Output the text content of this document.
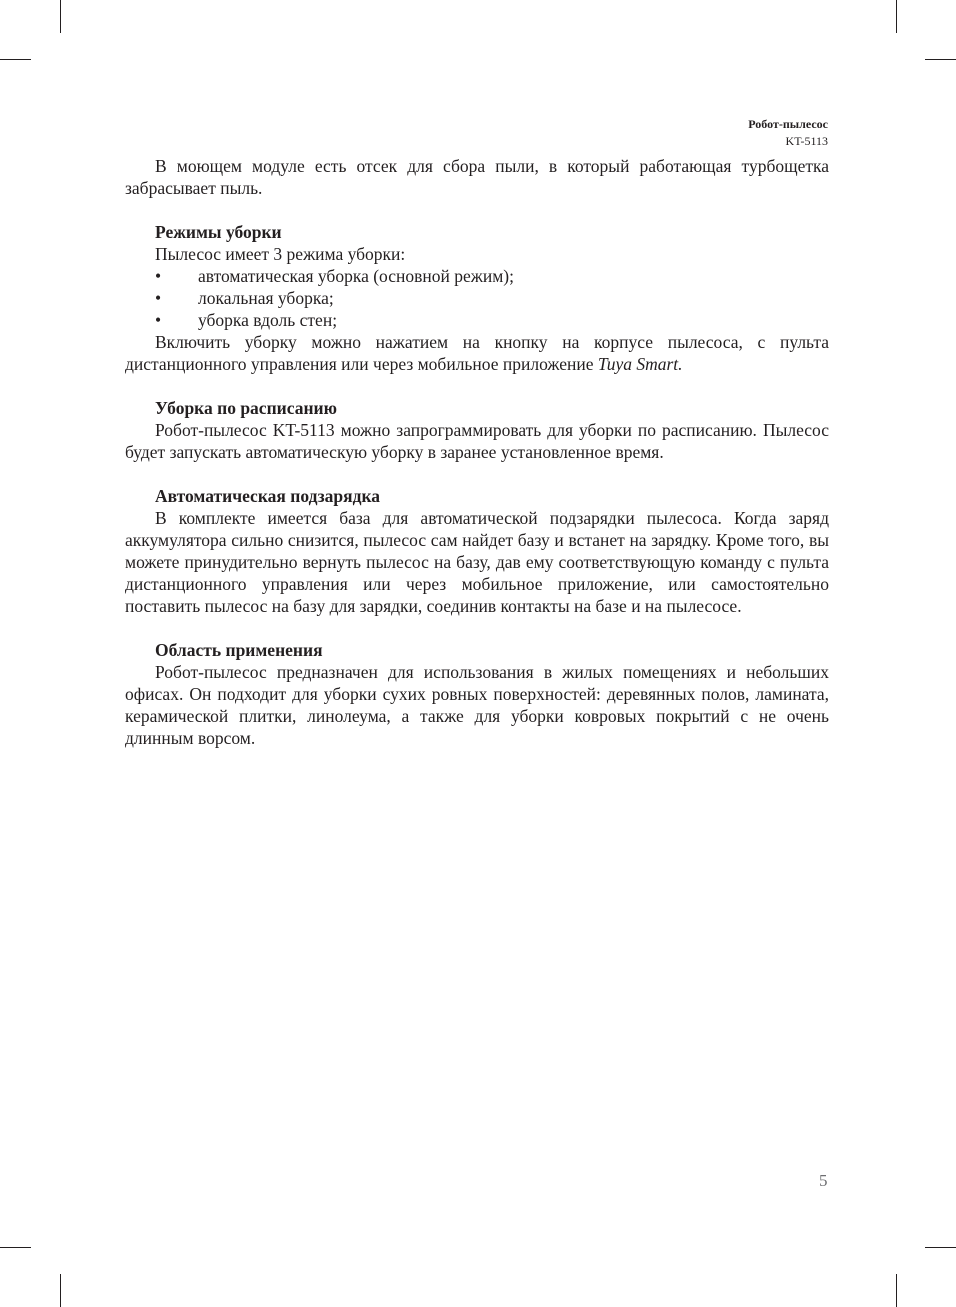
Робот-пылесос
KT-5113

В моющем модуле есть отсек для сбора пыли, в который работающая турбощетка забрасывает пыль.

Режимы уборки

Пылесос имеет 3 режима уборки:

• автоматическая уборка (основной режим);
• локальная уборка;
• уборка вдоль стен;

Включить уборку можно нажатием на кнопку на корпусе пылесоса, с пульта дистанционного управления или через мобильное приложение Tuya Smart.

Уборка по расписанию

Робот-пылесос KT-5113 можно запрограммировать для уборки по расписанию. Пылесос будет запускать автоматическую уборку в заранее установленное время.

Автоматическая подзарядка

В комплекте имеется база для автоматической подзарядки пылесоса. Когда заряд аккумулятора сильно снизится, пылесос сам найдет базу и встанет на зарядку. Кроме того, вы можете принудительно вернуть пылесос на базу, дав ему соответствующую команду с пульта дистанционного управления или через мобильное приложение, или самостоятельно поставить пылесос на базу для зарядки, соединив контакты на базе и на пылесосе.

Область применения

Робот-пылесос предназначен для использования в жилых помещениях и небольших офисах. Он подходит для уборки сухих ровных поверхностей: деревянных полов, ламината, керамической плитки, линолеума, а также для уборки ковровых покрытий с не очень длинным ворсом.

5
